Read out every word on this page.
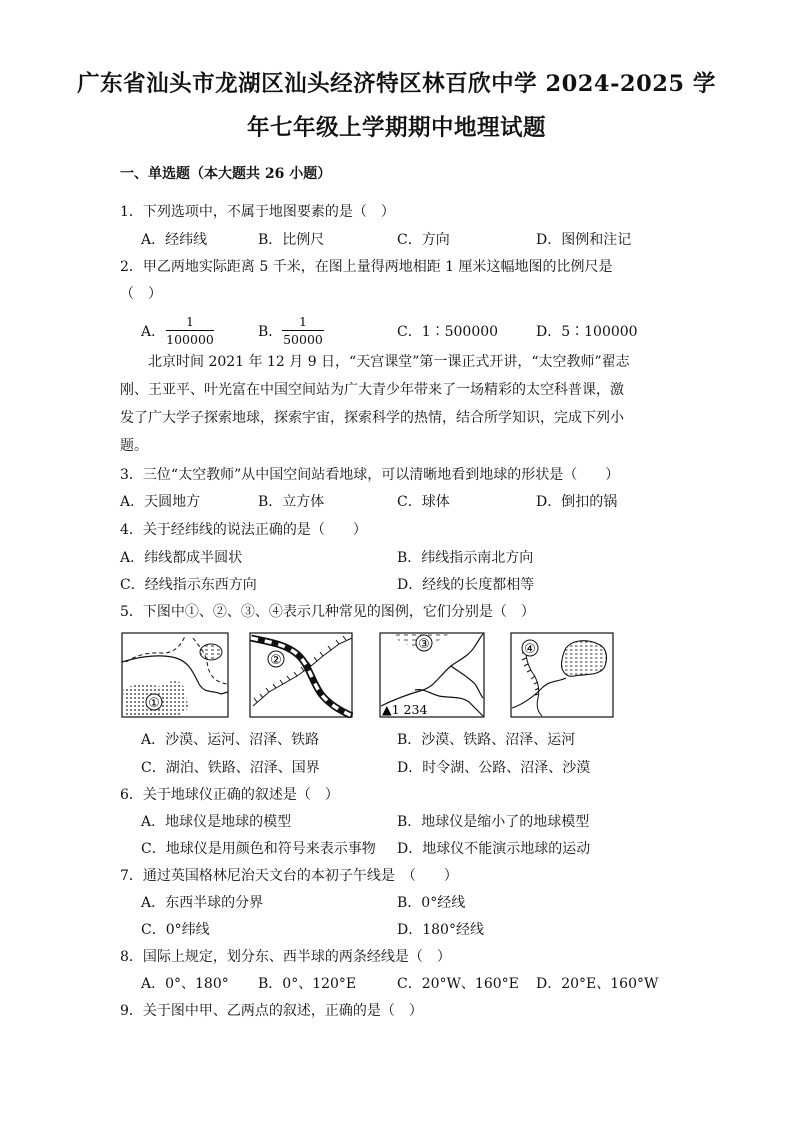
广东省汕头市龙湖区汕头经济特区林百欣中学 2024-2025 学
年七年级上学期期中地理试题
一、单选题（本大题共 26 小题）
1．下列选项中，不属于地图要素的是（　）
A．经纬线	B．比例尺	C．方向	D．图例和注记
2．甲乙两地实际距离 5 千米，在图上量得两地相距 1 厘米这幅地图的比例尺是
（　）
A． $\frac{1}{100000}$	B． $\frac{1}{50000}$	C．1∶500000	D．5∶100000
北京时间 2021 年 12 月 9 日，“天宫课堂”第一课正式开讲，“太空教师”翟志
刚、王亚平、叶光富在中国空间站为广大青少年带来了一场精彩的太空科普课，激
发了广大学子探索地球，探索宇宙，探索科学的热情，结合所学知识，完成下列小
题。
3．三位“太空教师”从中国空间站看地球，可以清晰地看到地球的形状是（　　）
A．天圆地方	B．立方体	C．球体	D．倒扣的锅
4．关于经纬线的说法正确的是（　　）
A．纬线都成半圆状	B．纬线指示南北方向
C．经线指示东西方向	D．经线的长度都相等
5．下图中①、②、③、④表示几种常见的图例，它们分别是（　）
①
②
③
▲1 234
④
A．沙漠、运河、沼泽、铁路	B．沙漠、铁路、沼泽、运河
C．湖泊、铁路、沼泽、国界	D．时令湖、公路、沼泽、沙漠
6．关于地球仪正确的叙述是（　）
A．地球仪是地球的模型	B．地球仪是缩小了的地球模型
C．地球仪是用颜色和符号来表示事物 D．地球仪不能演示地球的运动
7．通过英国格林尼治天文台的本初子午线是　（　　）
A．东西半球的分界	B．0°经线
C．0°纬线	D．180°经线
8．国际上规定，划分东、西半球的两条经线是（　）
A．0°、180° B．0°、120°E	C．20°W、160°E D．20°E、160°W
9．关于图中甲、乙两点的叙述，正确的是（　）
